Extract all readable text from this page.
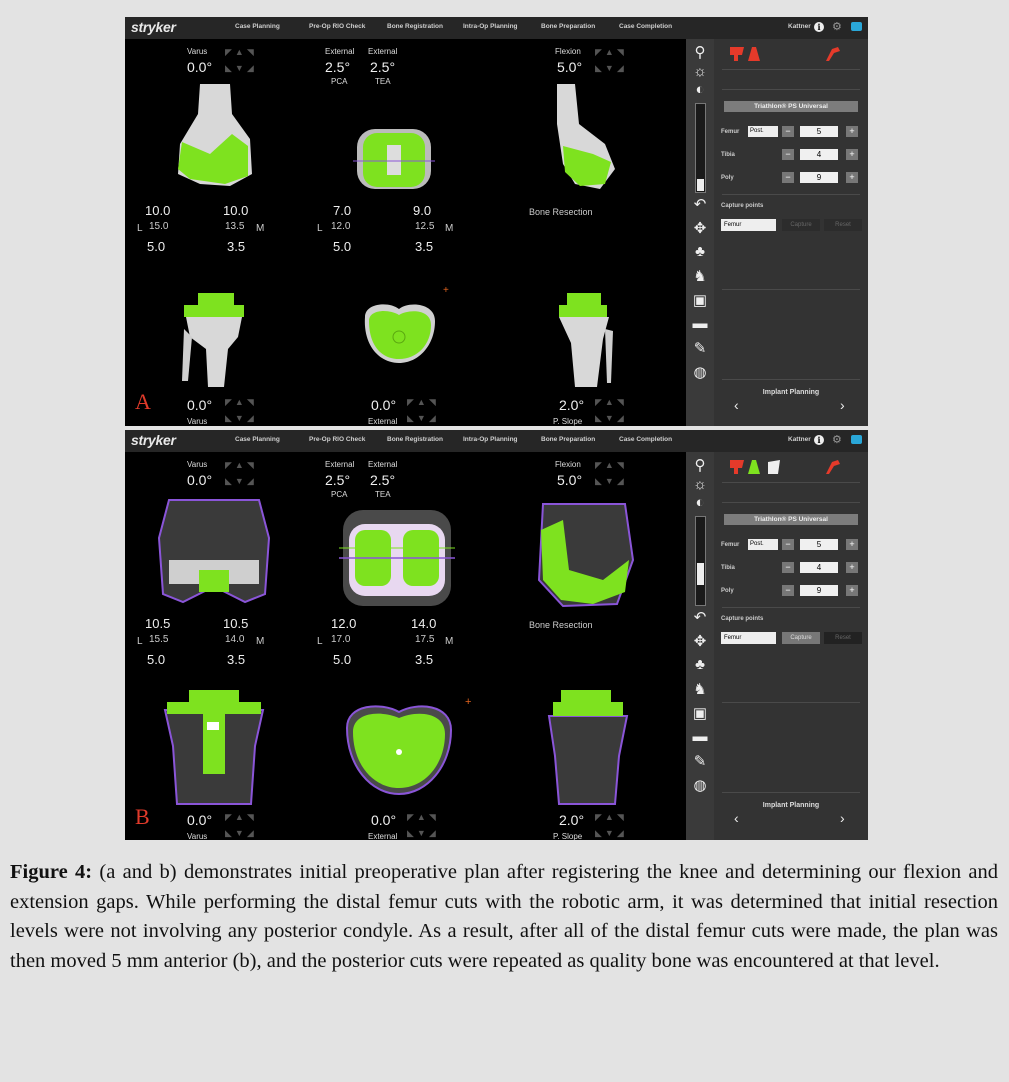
stryker	Case Planning	Pre-Op RIO Check	Bone Registration	Intra-Op Planning	Bone Preparation	Case Completion	Kattner i	⚙
Varus
0.0°
◤▲◥
◣▼◢
External
2.5°
PCA
External
2.5°
TEA
Flexion
5.0°
◤▲◥
◣▼◢
10.0	10.0
L 15.0	13.5 M
5.0	3.5
7.0	9.0
L 12.0	12.5 M
5.0	3.5
Bone Resection
0.0°
Varus
◤▲◥
◣▼◢
+
0.0°
External
◤▲◥
◣▼◢
2.0°
P. Slope
◤▲◥
◣▼◢
A
⚲
☼
◐
↶
✥
♣
♞
▣
▬
✎
◍
Triathlon® PS Universal
Femur	Post.	−	5	+
Tibia	−	4	+
Poly	−	9	+
Capture points
Femur	Capture	Reset
Implant Planning
‹	›
stryker	Case Planning	Pre-Op RIO Check	Bone Registration	Intra-Op Planning	Bone Preparation	Case Completion	Kattner i	⚙
Varus
0.0°
◤▲◥
◣▼◢
External
2.5°
PCA
External
2.5°
TEA
Flexion
5.0°
◤▲◥
◣▼◢
10.5	10.5
L 15.5	14.0 M
5.0	3.5
12.0	14.0
L 17.0	17.5 M
5.0	3.5
Bone Resection
0.0°
Varus
◤▲◥
◣▼◢
+
0.0°
External
◤▲◥
◣▼◢
2.0°
P. Slope
◤▲◥
◣▼◢
B
⚲
☼
◐
↶
✥
♣
♞
▣
▬
✎
◍
Triathlon® PS Universal
Femur	Post.	−	5	+
Tibia	−	4	+
Poly	−	9	+
Capture points
Femur	Capture	Reset
Implant Planning
‹	›
Figure 4: (a and b) demonstrates initial preoperative plan after registering the knee and determining our flexion and extension gaps. While performing the distal femur cuts with the robotic arm, it was determined that initial resection levels were not involving any posterior condyle. As a result, after all of the distal femur cuts were made, the plan was then moved 5 mm anterior (b), and the posterior cuts were repeated as quality bone was encountered at that level.
